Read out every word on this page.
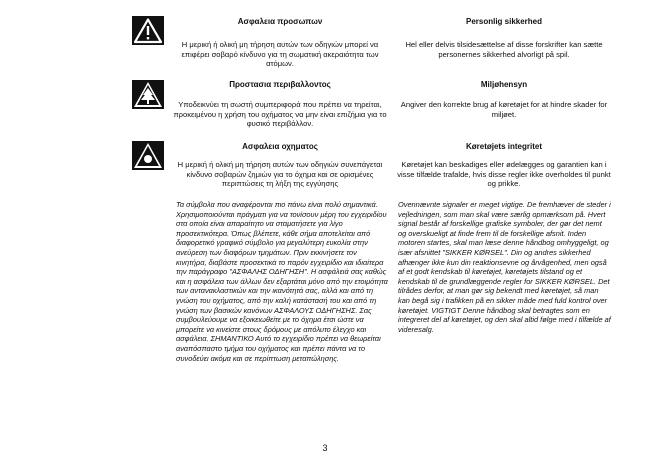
Ασφαλεια προσωπων	Personlig sikkerhed

Η μερική ή ολική μη τήρηση αυτών των οδηγιών μπορεί να επιφέρει σοβαρό κίνδυνο για τη σωματική ακεραιότητα των ατόμων.

Hel eller delvis tilsidesættelse af disse forskrifter kan sætte personernes sikkerhed alvorligt på spil.

Προστασια περιβαλλοντος	Miljøhensyn

Υποδεικνύει τη σωστή συμπεριφορά που πρέπει να τηρείται, προκειμένου η χρήση του οχήματος να μην είναι επιζήμια για το φυσικό περιβάλλον.

Angiver den korrekte brug af køretøjet for at hindre skader for miljøet.

Ασφαλεια οχηματος	Køretøjets integritet

Η μερική ή ολική μη τήρηση αυτών των οδηγιών συνεπάγεται κίνδυνο σοβαρών ζημιών για το όχημα και σε ορισμένες περιπτώσεις τη λήξη της εγγύησης

Køretøjet kan beskadiges eller ødelægges og garantien kan i visse tilfælde trafalde, hvis disse regler ikke overholdes til punkt og prikke.

Τα σύμβολα που αναφέρονται πιο πάνω είναι πολύ σημαντικά. Χρησιμοποιούνται πράγματι για να τονίσουν μέρη του εγχειριδίου στα οποία είναι απαραίτητο να σταματήσετε για λίγο προσεκτικότερα. Όπως βλέπετε, κάθε σήμα αποτελείται από διαφορετικό γραφικό σύμβολο για μεγαλύτερη ευκολία στην ανεύρεση των διαφόρων τμημάτων. Πριν εκκινήσετε τον κινητήρα, διαβάστε προσεκτικά το παρόν εγχειρίδιο και ιδιαίτερα την παράγραφο "ΑΣΦΑΛΗΣ ΟΔΗΓΗΣΗ". Η ασφάλειά σας καθώς και η ασφάλεια των άλλων δεν εξαρτάται μόνο από την ετοιμότητα των αντανακλαστικών και την ικανότητά σας, αλλά και από τη γνώση του οχήματος, από την καλή κατάστασή του και από τη γνώση των βασικών κανόνων ΑΣΦΑΛΟΥΣ ΟΔΗΓΗΣΗΣ. Σας συμβουλεύουμε να εξοικειωθείτε με το όχημα έτσι ώστε να μπορείτε να κινείστε στους δρόμους με απόλυτο έλεγχο και ασφάλεια. ΣΗΜΑΝΤΙΚΟ Αυτό το εγχειρίδιο πρέπει να θεωρείται αναπόσπαστο τμήμα του οχήματος και πρέπει πάντα να το συνοδεύει ακόμα και σε περίπτωση μεταπώλησης.

Ovennævnte signaler er meget vigtige. De fremhæver de steder i vejledningen, som man skal være særlig opmærksom på. Hvert signal består af forskellige grafiske symboler, der gør det nemt og overskueligt at finde frem til de forskellige afsnit. Inden motoren startes, skal man læse denne håndbog omhyggeligt, og især afsnittet "SIKKER KØRSEL". Din og andres sikkerhed afhænger ikke kun din reaktionsevne og årvågenhed, men også af et godt kendskab til køretøjet, køretøjets tilstand og et kendskab til de grundlæggende regler for SIKKER KØRSEL. Det tilrådes derfor, at man gør sig bekendt med køretøjet, så man kan begå sig i trafikken på en sikker måde med fuld kontrol over køretøjet. VIGTIGT Denne håndbog skal betragtes som en integreret del af køretøjet, og den skal altid følge med i tilfælde af videresalg.

3
